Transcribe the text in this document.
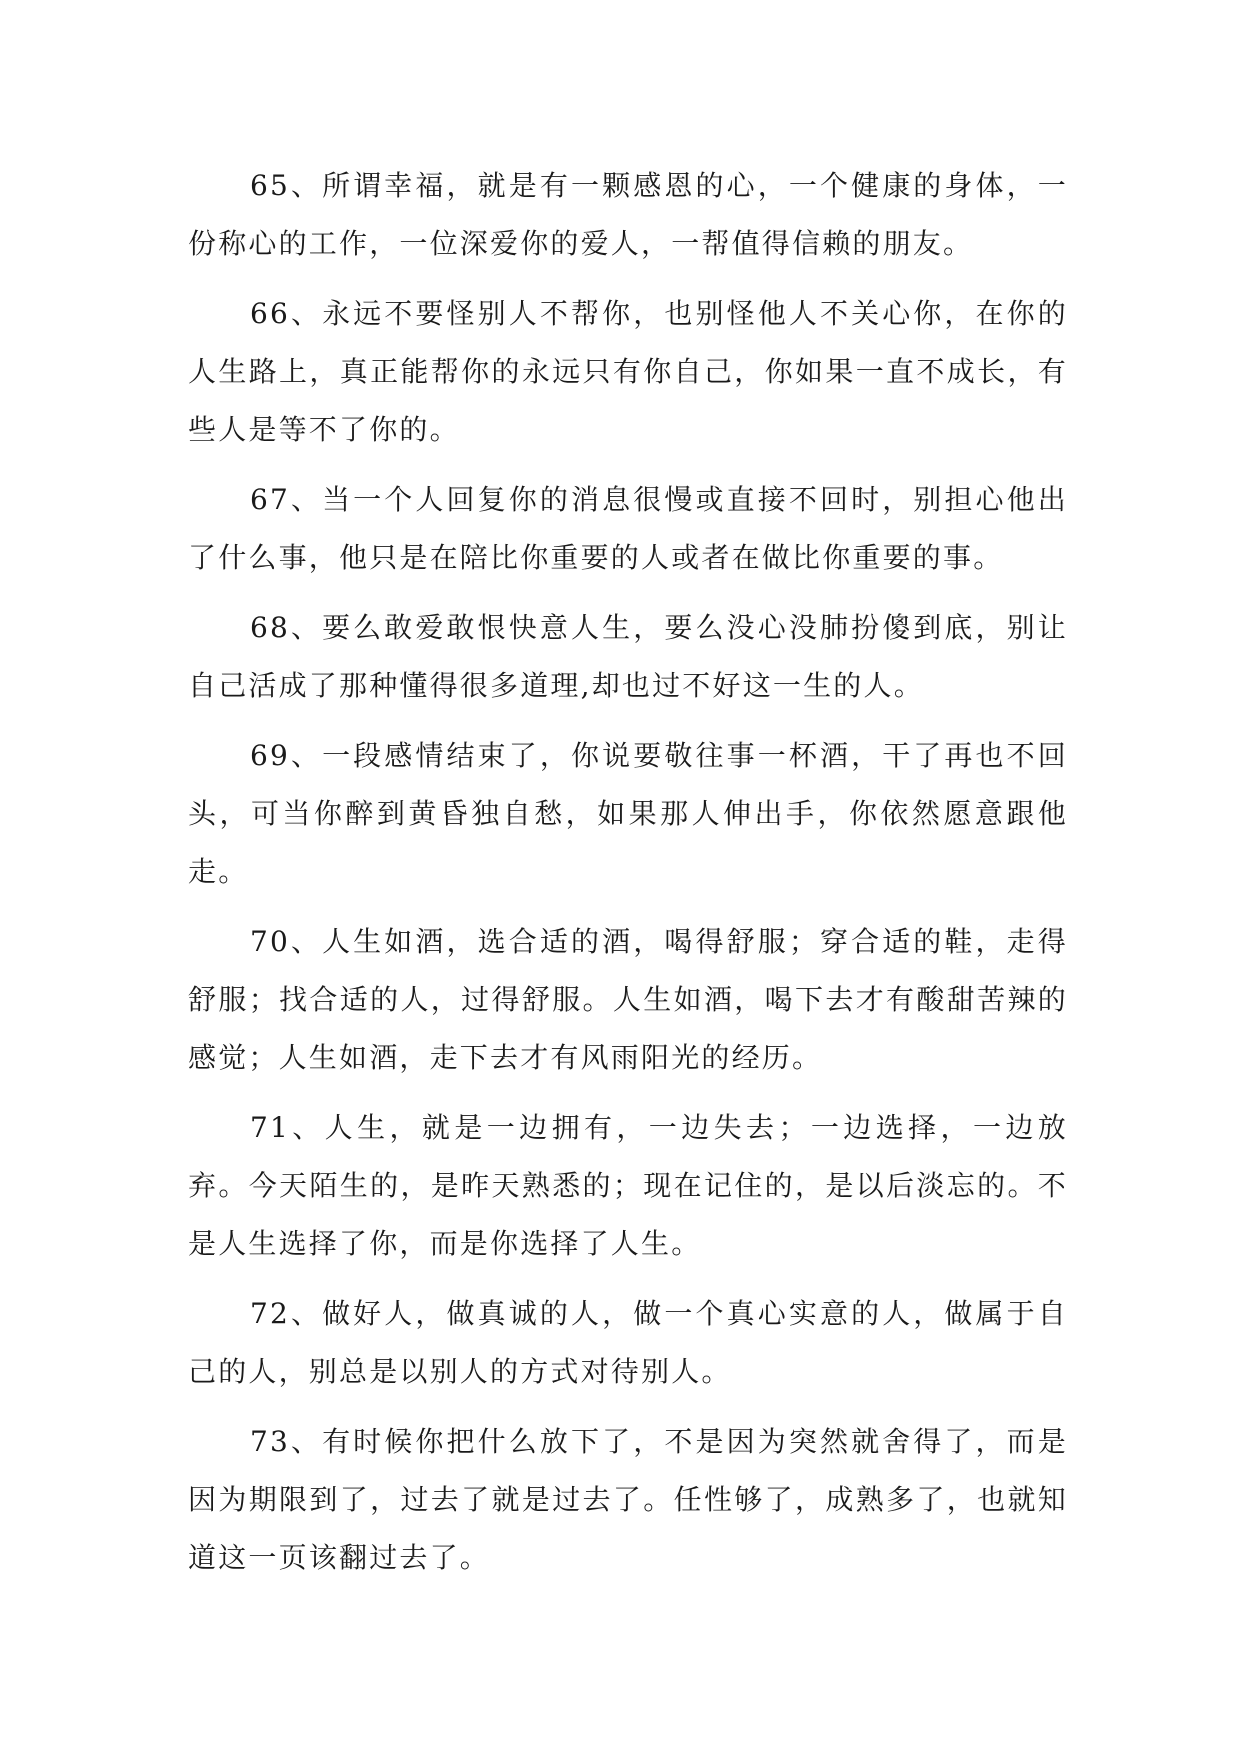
65、所谓幸福，就是有一颗感恩的心，一个健康的身体，一份称心的工作，一位深爱你的爱人，一帮值得信赖的朋友。

66、永远不要怪别人不帮你，也别怪他人不关心你，在你的人生路上，真正能帮你的永远只有你自己，你如果一直不成长，有些人是等不了你的。

67、当一个人回复你的消息很慢或直接不回时，别担心他出了什么事，他只是在陪比你重要的人或者在做比你重要的事。

68、要么敢爱敢恨快意人生，要么没心没肺扮傻到底，别让自己活成了那种懂得很多道理,却也过不好这一生的人。

69、一段感情结束了，你说要敬往事一杯酒，干了再也不回头，可当你醉到黄昏独自愁，如果那人伸出手，你依然愿意跟他走。

70、人生如酒，选合适的酒，喝得舒服；穿合适的鞋，走得舒服；找合适的人，过得舒服。人生如酒，喝下去才有酸甜苦辣的感觉；人生如酒，走下去才有风雨阳光的经历。

71、人生，就是一边拥有，一边失去；一边选择，一边放弃。今天陌生的，是昨天熟悉的；现在记住的，是以后淡忘的。不是人生选择了你，而是你选择了人生。

72、做好人，做真诚的人，做一个真心实意的人，做属于自己的人，别总是以别人的方式对待别人。

73、有时候你把什么放下了，不是因为突然就舍得了，而是因为期限到了，过去了就是过去了。任性够了，成熟多了，也就知道这一页该翻过去了。
